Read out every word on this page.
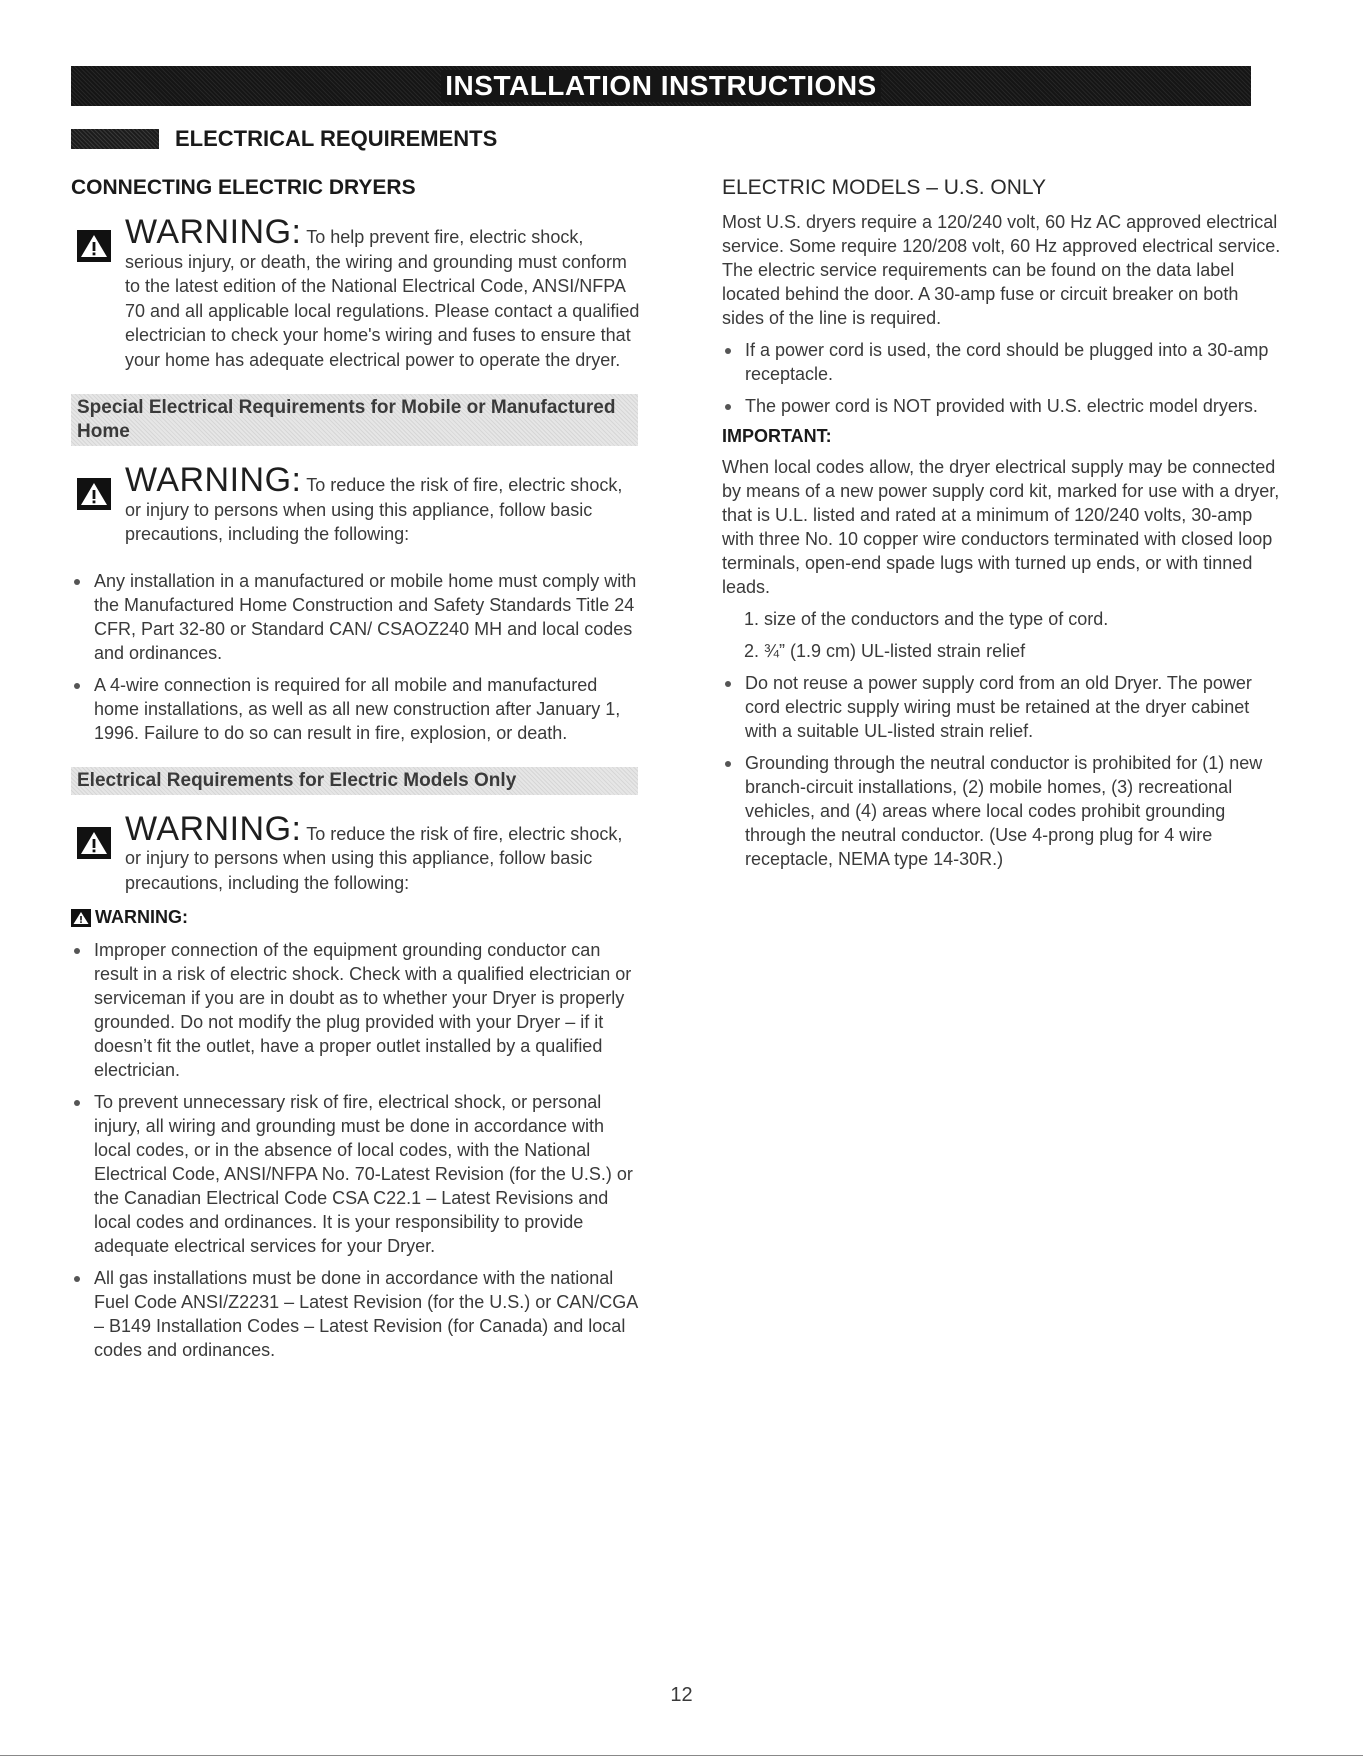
INSTALLATION INSTRUCTIONS
ELECTRICAL REQUIREMENTS
CONNECTING ELECTRIC DRYERS
WARNING: To help prevent fire, electric shock,
serious injury, or death, the wiring and grounding must conform to the latest edition of the National Electrical Code, ANSI/NFPA 70 and all applicable local regulations. Please contact a qualified electrician to check your home's wiring and fuses to ensure that your home has adequate electrical power to operate the dryer.
Special Electrical Requirements for Mobile or Manufactured Home
WARNING: To reduce the risk of fire, electric shock,
or injury to persons when using this appliance, follow basic precautions, including the following:
Any installation in a manufactured or mobile home must comply with the Manufactured Home Construction and Safety Standards Title 24 CFR, Part 32-80 or Standard CAN/ CSAOZ240 MH and local codes and ordinances.
A 4-wire connection is required for all mobile and manufactured home installations, as well as all new construction after January 1, 1996. Failure to do so can result in fire, explosion, or death.
Electrical Requirements for Electric Models Only
WARNING: To reduce the risk of fire, electric shock,
or injury to persons when using this appliance, follow basic precautions, including the following:
WARNING:
Improper connection of the equipment grounding conductor can result in a risk of electric shock. Check with a qualified electrician or serviceman if you are in doubt as to whether your Dryer is properly grounded. Do not modify the plug provided with your Dryer – if it doesn’t fit the outlet, have a proper outlet installed by a qualified electrician.
To prevent unnecessary risk of fire, electrical shock, or personal injury, all wiring and grounding must be done in accordance with local codes, or in the absence of local codes, with the National Electrical Code, ANSI/NFPA No. 70-Latest Revision (for the U.S.) or the Canadian Electrical Code CSA C22.1 – Latest Revisions and local codes and ordinances. It is your responsibility to provide adequate electrical services for your Dryer.
All gas installations must be done in accordance with the national Fuel Code ANSI/Z2231 – Latest Revision (for the U.S.) or CAN/CGA – B149 Installation Codes – Latest Revision (for Canada) and local codes and ordinances.
ELECTRIC MODELS – U.S. ONLY

Most U.S. dryers require a 120/240 volt, 60 Hz AC approved electrical service. Some require 120/208 volt, 60 Hz approved electrical service. The electric service requirements can be found on the data label located behind the door. A 30-amp fuse or circuit breaker on both sides of the line is required.

If a power cord is used, the cord should be plugged into a 30-amp receptacle.
The power cord is NOT provided with U.S. electric model dryers.
IMPORTANT:

When local codes allow, the dryer electrical supply may be connected by means of a new power supply cord kit, marked for use with a dryer, that is U.L. listed and rated at a minimum of 120/240 volts, 30-amp with three No. 10 copper wire conductors terminated with closed loop terminals, open-end spade lugs with turned up ends, or with tinned leads.

1. size of the conductors and the type of cord.
2. ¾” (1.9 cm) UL-listed strain relief
Do not reuse a power supply cord from an old Dryer. The power cord electric supply wiring must be retained at the dryer cabinet with a suitable UL-listed strain relief.
Grounding through the neutral conductor is prohibited for (1) new branch-circuit installations, (2) mobile homes, (3) recreational vehicles, and (4) areas where local codes prohibit grounding through the neutral conductor. (Use 4-prong plug for 4 wire receptacle, NEMA type 14-30R.)
12
